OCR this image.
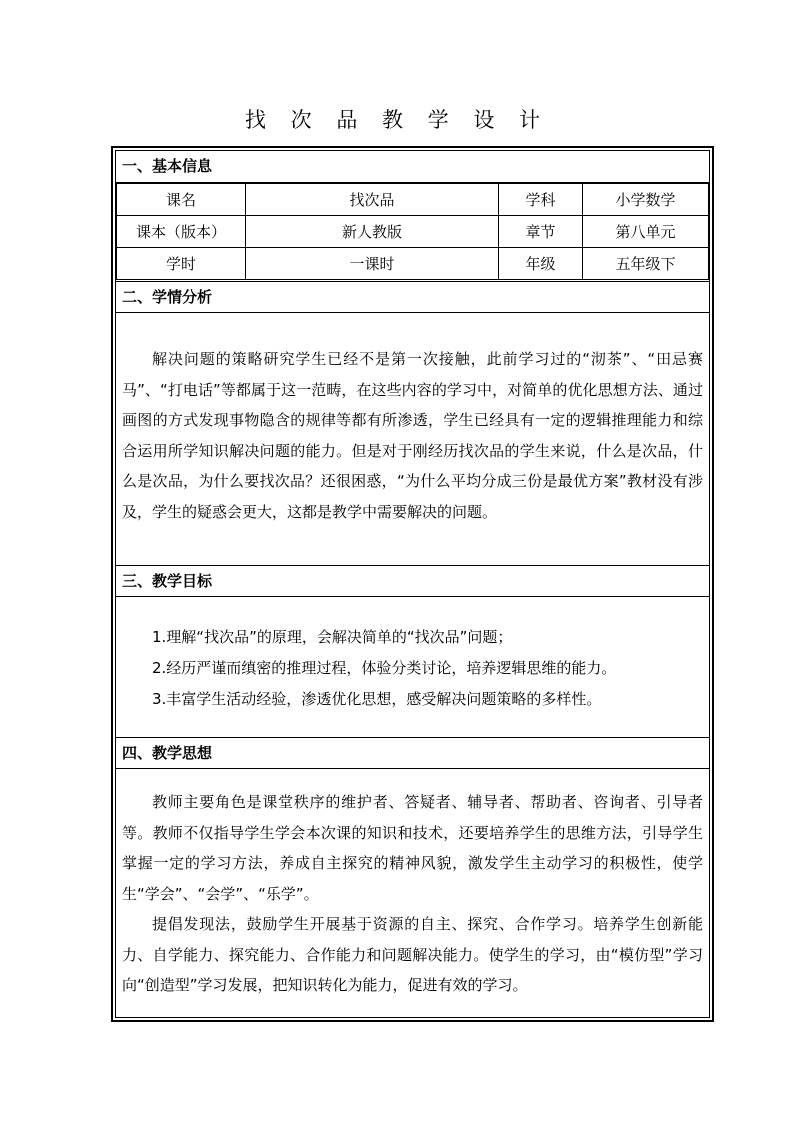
找 次 品 教 学 设 计
一、基本信息
课名	找次品	学科	小学数学
课本（版本）	新人教版	章节	第八单元
学时	一课时	年级	五年级下
二、学情分析
解决问题的策略研究学生已经不是第一次接触，此前学习过的“沏茶”、“田忌赛马”、“打电话”等都属于这一范畴，在这些内容的学习中，对简单的优化思想方法、通过画图的方式发现事物隐含的规律等都有所渗透，学生已经具有一定的逻辑推理能力和综合运用所学知识解决问题的能力。但是对于刚经历找次品的学生来说，什么是次品，什么是次品，为什么要找次品？还很困惑，“为什么平均分成三份是最优方案”教材没有涉及，学生的疑惑会更大，这都是教学中需要解决的问题。
三、教学目标
1.理解“找次品”的原理，会解决简单的“找次品”问题；
2.经历严谨而缜密的推理过程，体验分类讨论，培养逻辑思维的能力。
3.丰富学生活动经验，渗透优化思想，感受解决问题策略的多样性。
四、教学思想
教师主要角色是课堂秩序的维护者、答疑者、辅导者、帮助者、咨询者、引导者等。教师不仅指导学生学会本次课的知识和技术，还要培养学生的思维方法，引导学生掌握一定的学习方法，养成自主探究的精神风貌，激发学生主动学习的积极性，使学生“学会”、“会学”、“乐学”。
提倡发现法，鼓励学生开展基于资源的自主、探究、合作学习。培养学生创新能力、自学能力、探究能力、合作能力和问题解决能力。使学生的学习，由“模仿型”学习向“创造型”学习发展，把知识转化为能力，促进有效的学习。
